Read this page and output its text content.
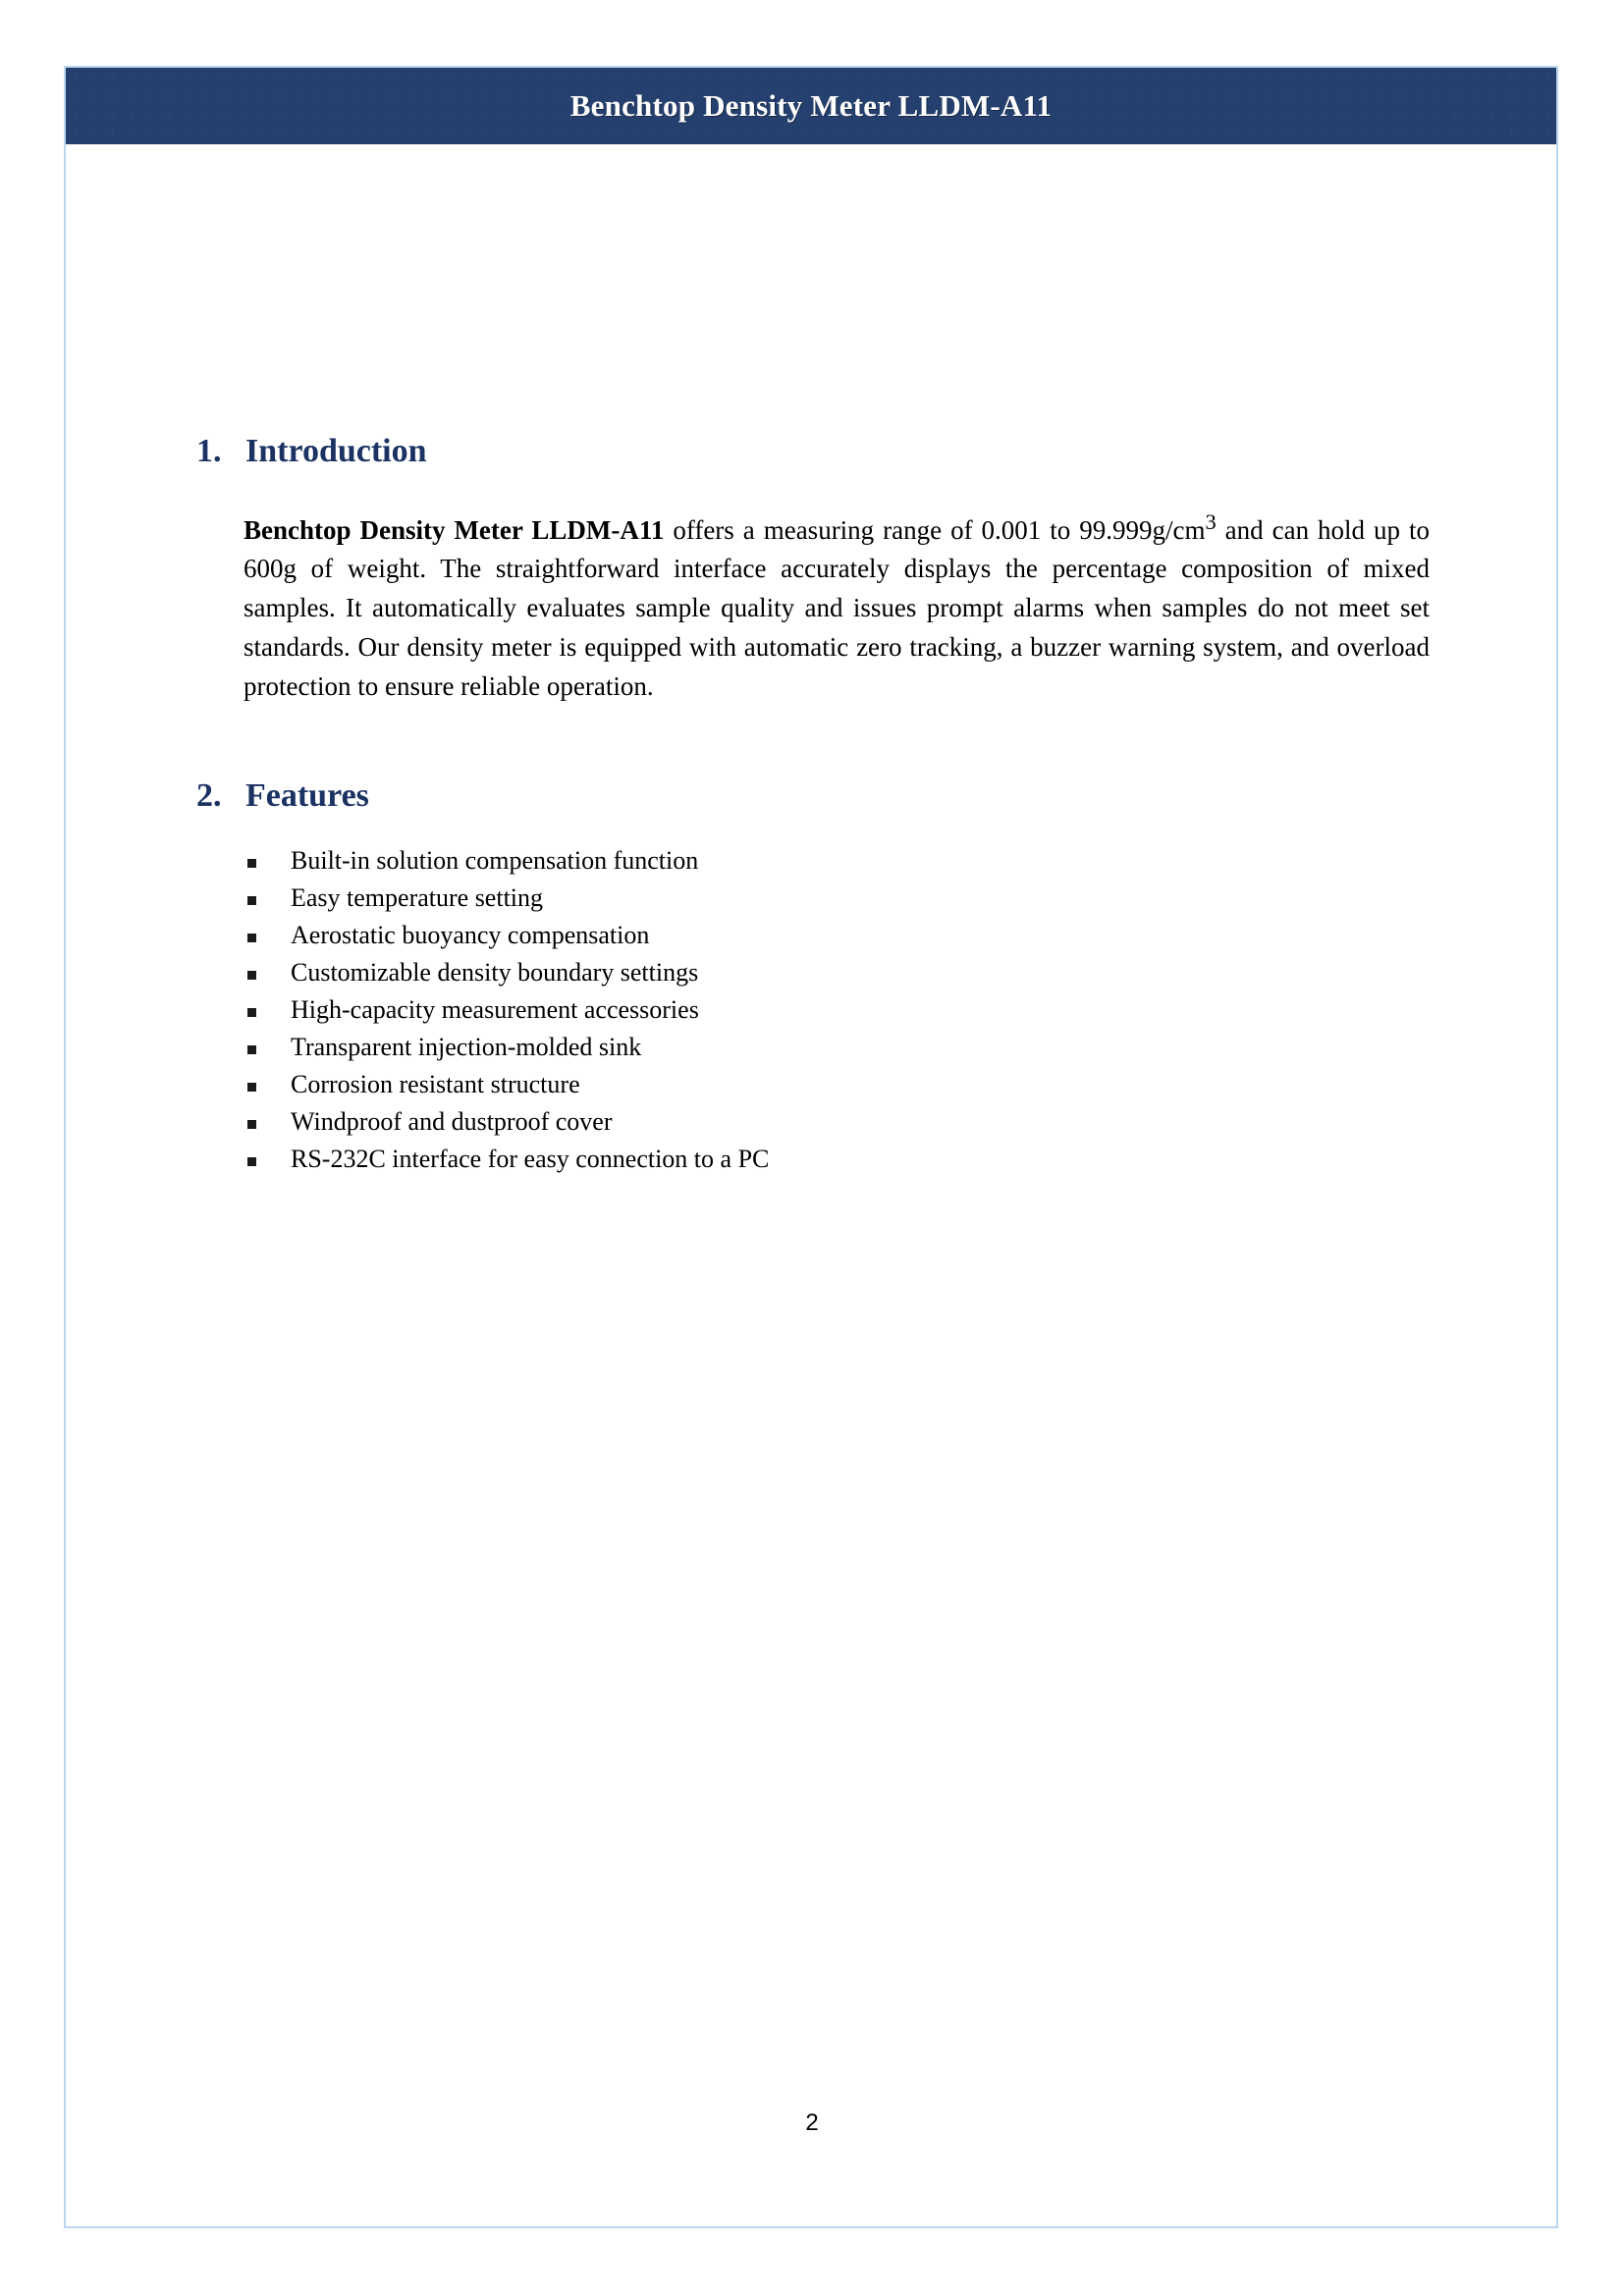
Benchtop Density Meter LLDM-A11
1. Introduction

Benchtop Density Meter LLDM-A11 offers a measuring range of 0.001 to $99.999g/cm^3$ and can hold up to 600g of weight. The straightforward interface accurately displays the percentage composition of mixed samples. It automatically evaluates sample quality and issues prompt alarms when samples do not meet set standards. Our density meter is equipped with automatic zero tracking, a buzzer warning system, and overload protection to ensure reliable operation.

2. Features
Built-in solution compensation function
Easy temperature setting
Aerostatic buoyancy compensation
Customizable density boundary settings
High-capacity measurement accessories
Transparent injection-molded sink
Corrosion resistant structure
Windproof and dustproof cover
RS-232C interface for easy connection to a PC
2
